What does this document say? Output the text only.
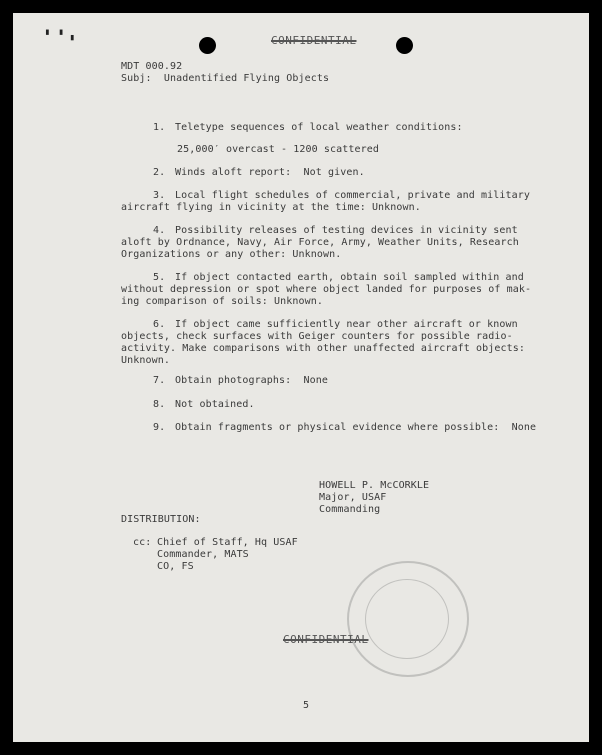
▘ ▝ ▗	CONFIDENTIAL
MDT 000.92
Subj:  Unadentified Flying Objects
1. Teletype sequences of local weather conditions:
25,000′ overcast - 1200 scattered
2. Winds aloft report:  Not given.
3. Local flight schedules of commercial, private and military
aircraft flying in vicinity at the time: Unknown.
4. Possibility releases of testing devices in vicinity sent
aloft by Ordnance, Navy, Air Force, Army, Weather Units, Research Organizations or any other: Unknown.
5. If object contacted earth, obtain soil sampled within and
without depression or spot where object landed for purposes of mak- ing comparison of soils: Unknown.
6. If object came sufficiently near other aircraft or known
objects, check surfaces with Geiger counters for possible radio- activity. Make comparisons with other unaffected aircraft objects: Unknown.
7. Obtain photographs:  None
8. Not obtained.
9. Obtain fragments or physical evidence where possible:  None
HOWELL P. McCORKLE
Major, USAF
Commanding
DISTRIBUTION:
cc: Chief of Staff, Hq USAF
Commander, MATS
CO, FS
CONFIDENTIAL
5
